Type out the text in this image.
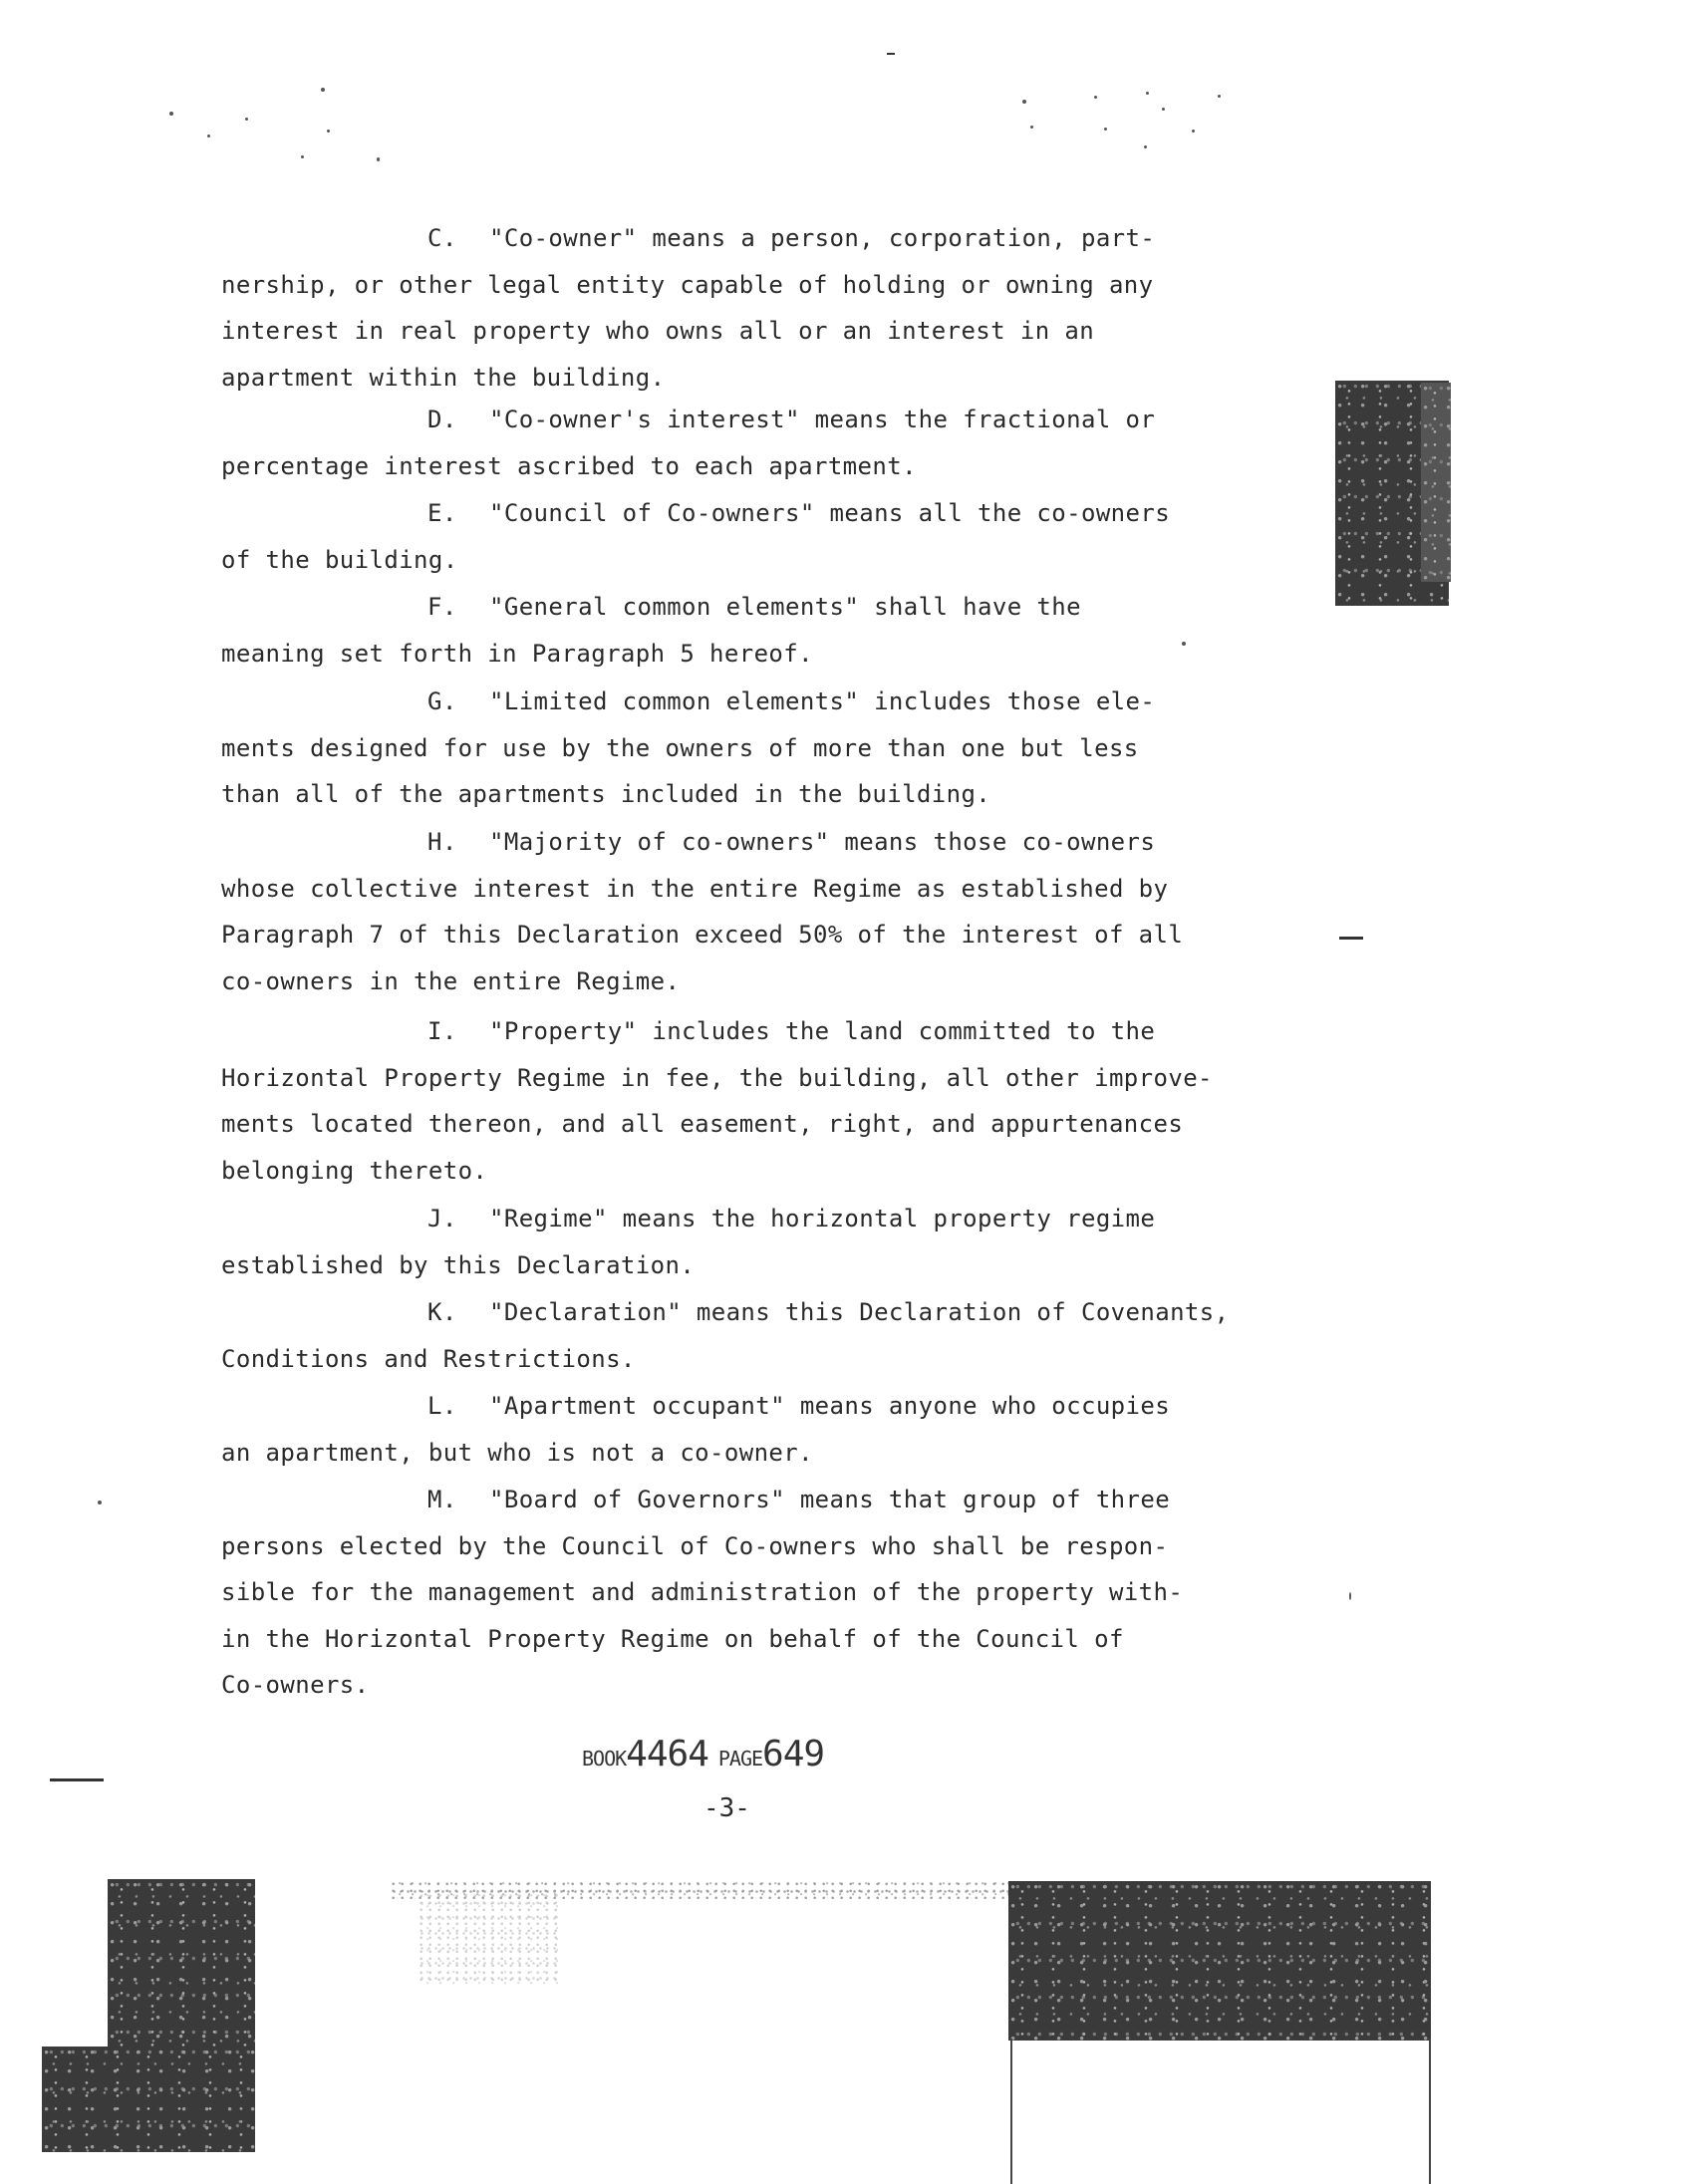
C. "Co-owner" means a person, corporation, part-
nership, or other legal entity capable of holding or owning any
interest in real property who owns all or an interest in an
apartment within the building.

D. "Co-owner's interest" means the fractional or
percentage interest ascribed to each apartment.

E. "Council of Co-owners" means all the co-owners
of the building.

F. "General common elements" shall have the
meaning set forth in Paragraph 5 hereof.

G. "Limited common elements" includes those ele-
ments designed for use by the owners of more than one but less
than all of the apartments included in the building.

H. "Majority of co-owners" means those co-owners
whose collective interest in the entire Regime as established by
Paragraph 7 of this Declaration exceed 50% of the interest of all
co-owners in the entire Regime.

I. "Property" includes the land committed to the
Horizontal Property Regime in fee, the building, all other improve-
ments located thereon, and all easement, right, and appurtenances
belonging thereto.

J. "Regime" means the horizontal property regime
established by this Declaration.

K. "Declaration" means this Declaration of Covenants,
Conditions and Restrictions.

L. "Apartment occupant" means anyone who occupies
an apartment, but who is not a co-owner.

M. "Board of Governors" means that group of three
persons elected by the Council of Co-owners who shall be respon-
sible for the management and administration of the property with-
in the Horizontal Property Regime on behalf of the Council of
Co-owners.

BOOK4464 PAGE649
-3-
